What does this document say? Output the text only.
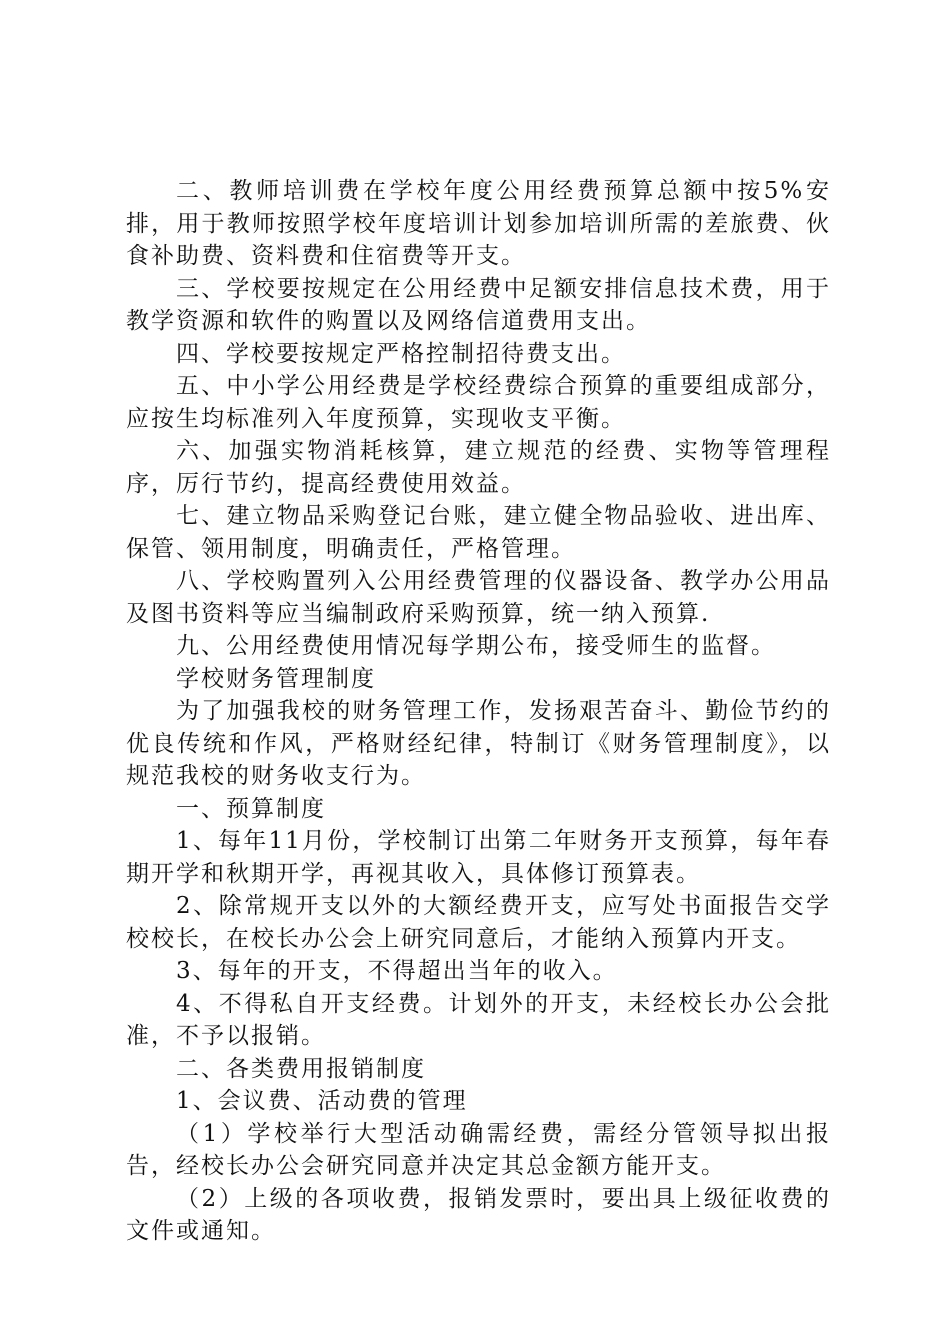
二、教师培训费在学校年度公用经费预算总额中按5%安排，用于教师按照学校年度培训计划参加培训所需的差旅费、伙食补助费、资料费和住宿费等开支。

三、学校要按规定在公用经费中足额安排信息技术费，用于教学资源和软件的购置以及网络信道费用支出。

四、学校要按规定严格控制招待费支出。

五、中小学公用经费是学校经费综合预算的重要组成部分，应按生均标准列入年度预算，实现收支平衡。

六、加强实物消耗核算，建立规范的经费、实物等管理程序，厉行节约，提高经费使用效益。

七、建立物品采购登记台账，建立健全物品验收、进出库、保管、领用制度，明确责任，严格管理。

八、学校购置列入公用经费管理的仪器设备、教学办公用品及图书资料等应当编制政府采购预算，统一纳入预算.

九、公用经费使用情况每学期公布，接受师生的监督。

学校财务管理制度

为了加强我校的财务管理工作，发扬艰苦奋斗、勤俭节约的优良传统和作风，严格财经纪律，特制订《财务管理制度》，以规范我校的财务收支行为。

一、预算制度

1、每年11月份，学校制订出第二年财务开支预算，每年春期开学和秋期开学，再视其收入，具体修订预算表。

2、除常规开支以外的大额经费开支，应写处书面报告交学校校长，在校长办公会上研究同意后，才能纳入预算内开支。

3、每年的开支，不得超出当年的收入。

4、不得私自开支经费。计划外的开支，未经校长办公会批准，不予以报销。

二、各类费用报销制度

1、会议费、活动费的管理

（1）学校举行大型活动确需经费，需经分管领导拟出报告，经校长办公会研究同意并决定其总金额方能开支。

（2）上级的各项收费，报销发票时，要出具上级征收费的文件或通知。
